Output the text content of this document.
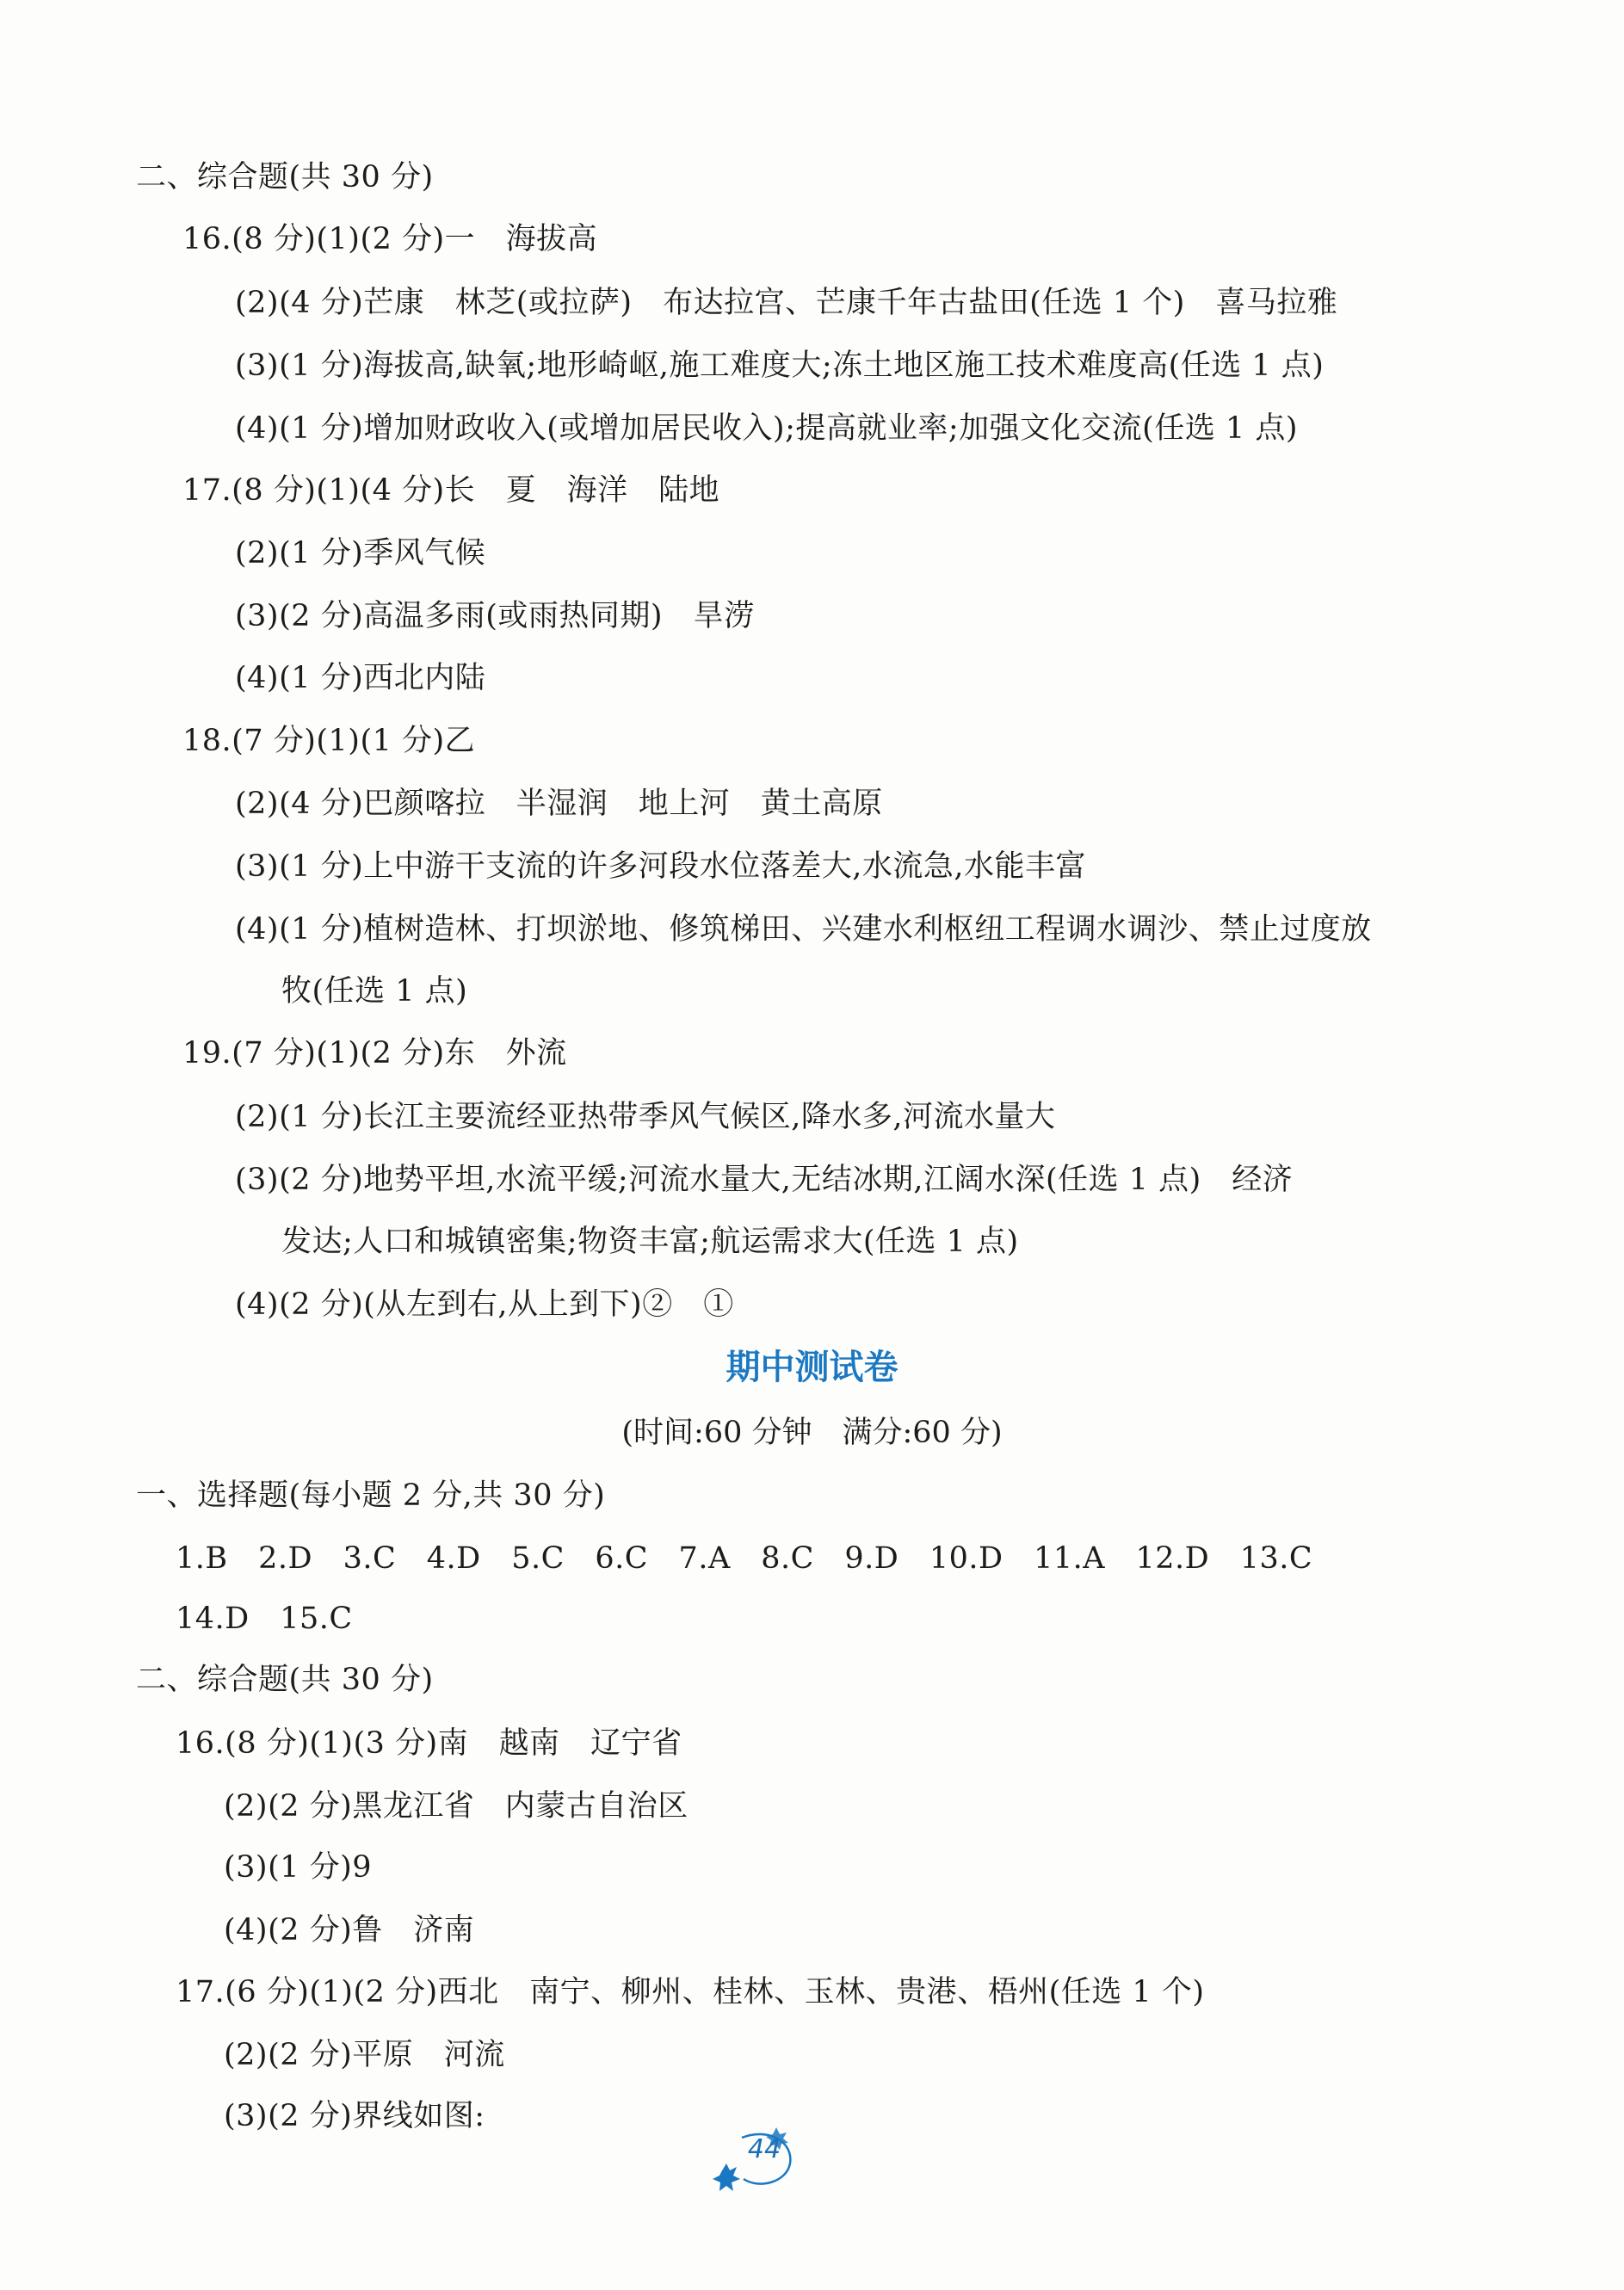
二、综合题(共 30 分)
16.(8 分)(1)(2 分)一　海拔高
(2)(4 分)芒康　林芝(或拉萨)　布达拉宫、芒康千年古盐田(任选 1 个)　喜马拉雅
(3)(1 分)海拔高,缺氧;地形崎岖,施工难度大;冻土地区施工技术难度高(任选 1 点)
(4)(1 分)增加财政收入(或增加居民收入);提高就业率;加强文化交流(任选 1 点)
17.(8 分)(1)(4 分)长　夏　海洋　陆地
(2)(1 分)季风气候
(3)(2 分)高温多雨(或雨热同期)　旱涝
(4)(1 分)西北内陆
18.(7 分)(1)(1 分)乙
(2)(4 分)巴颜喀拉　半湿润　地上河　黄土高原
(3)(1 分)上中游干支流的许多河段水位落差大,水流急,水能丰富
(4)(1 分)植树造林、打坝淤地、修筑梯田、兴建水利枢纽工程调水调沙、禁止过度放
牧(任选 1 点)
19.(7 分)(1)(2 分)东　外流
(2)(1 分)长江主要流经亚热带季风气候区,降水多,河流水量大
(3)(2 分)地势平坦,水流平缓;河流水量大,无结冰期,江阔水深(任选 1 点)　经济
发达;人口和城镇密集;物资丰富;航运需求大(任选 1 点)
(4)(2 分)(从左到右,从上到下)②　①
期中测试卷
(时间:60 分钟　满分:60 分)
一、选择题(每小题 2 分,共 30 分)
1.B　2.D　3.C　4.D　5.C　6.C　7.A　8.C　9.D　10.D　11.A　12.D　13.C
14.D　15.C
二、综合题(共 30 分)
16.(8 分)(1)(3 分)南　越南　辽宁省
(2)(2 分)黑龙江省　内蒙古自治区
(3)(1 分)9
(4)(2 分)鲁　济南
17.(6 分)(1)(2 分)西北　南宁、柳州、桂林、玉林、贵港、梧州(任选 1 个)
(2)(2 分)平原　河流
(3)(2 分)界线如图:
44
